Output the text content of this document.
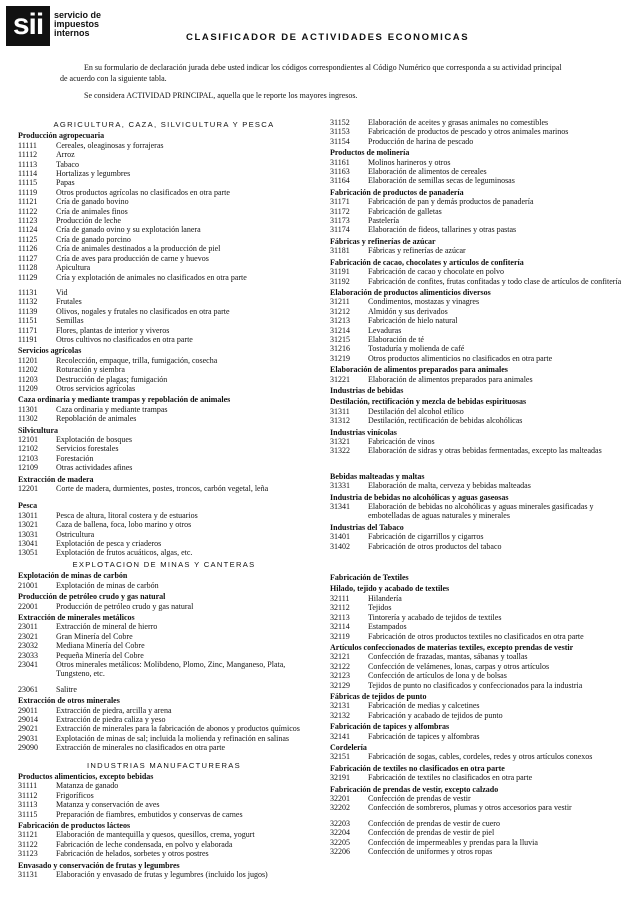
sii	servicio de
impuestos
internos	CLASIFICADOR DE ACTIVIDADES ECONOMICAS

En su formulario de declaración jurada debe usted indicar los códigos correspondientes al Código Numérico que corresponda a su actividad principal de acuerdo con la siguiente tabla.

Se considera ACTIVIDAD PRINCIPAL, aquella que le reporte los mayores ingresos.

AGRICULTURA, CAZA, SILVICULTURA Y PESCA
Producción agropecuaria
11111	Cereales, oleaginosas y forrajeras
11112	Arroz
11113	Tabaco
11114	Hortalizas y legumbres
11115	Papas
11119	Otros productos agrícolas no clasificados en otra parte
11121	Cría de ganado bovino
11122	Cría de animales finos
11123	Producción de leche
11124	Cría de ganado ovino y su explotación lanera
11125	Cría de ganado porcino
11126	Cría de animales destinados a la producción de piel
11127	Cría de aves para producción de carne y huevos
11128	Apicultura
11129	Cría y explotación de animales no clasificados en otra parte
11131	Vid
11132	Frutales
11139	Olivos, nogales y frutales no clasificados en otra parte
11151	Semillas
11171	Flores, plantas de interior y viveros
11191	Otros cultivos no clasificados en otra parte
Servicios agrícolas
11201	Recolección, empaque, trilla, fumigación, cosecha
11202	Roturación y siembra
11203	Destrucción de plagas; fumigación
11209	Otros servicios agrícolas
Caza ordinaria y mediante trampas y repoblación de animales
11301	Caza ordinaria y mediante trampas
11302	Repoblación de animales
Silvicultura
12101	Explotación de bosques
12102	Servicios forestales
12103	Forestación
12109	Otras actividades afines
Extracción de madera
12201	Corte de madera, durmientes, postes, troncos, carbón vegetal, leña
Pesca
13011	Pesca de altura, litoral costera y de estuarios
13021	Caza de ballena, foca, lobo marino y otros
13031	Ostricultura
13041	Explotación de pesca y criaderos
13051	Explotación de frutos acuáticos, algas, etc.
EXPLOTACION DE MINAS Y CANTERAS
Explotación de minas de carbón
21001	Explotación de minas de carbón
Producción de petróleo crudo y gas natural
22001	Producción de petróleo crudo y gas natural
Extracción de minerales metálicos
23011	Extracción de mineral de hierro
23021	Gran Minería del Cobre
23032	Mediana Minería del Cobre
23033	Pequeña Minería del Cobre
23041	Otros minerales metálicos: Molibdeno, Plomo, Zinc, Manganeso, Plata, Tungsteno, etc.
23061	Salitre
Extracción de otros minerales
29011	Extracción de piedra, arcilla y arena
29014	Extracción de piedra caliza y yeso
29021	Extracción de minerales para la fabricación de abonos y productos químicos
29031	Explotación de minas de sal; incluida la molienda y refinación en salinas
29090	Extracción de minerales no clasificados en otra parte
INDUSTRIAS MANUFACTURERAS
Productos alimenticios, excepto bebidas
31111	Matanza de ganado
31112	Frigoríficos
31113	Matanza y conservación de aves
31115	Preparación de fiambres, embutidos y conservas de carnes
Fabricación de productos lácteos
31121	Elaboración de mantequilla y quesos, quesillos, crema, yogurt
31122	Fabricación de leche condensada, en polvo y elaborada
31123	Fabricación de helados, sorbetes y otros postres
Envasado y conservación de frutas y legumbres
31131	Elaboración y envasado de frutas y legumbres (incluido los jugos)
31152	Elaboración de aceites y grasas animales no comestibles
31153	Fabricación de productos de pescado y otros animales marinos
31154	Producción de harina de pescado
Productos de molinería
31161	Molinos harineros y otros
31163	Elaboración de alimentos de cereales
31164	Elaboración de semillas secas de leguminosas
Fabricación de productos de panadería
31171	Fabricación de pan y demás productos de panadería
31172	Fabricación de galletas
31173	Pastelería
31174	Elaboración de fideos, tallarines y otras pastas
Fábricas y refinerías de azúcar
31181	Fábricas y refinerías de azúcar
Fabricación de cacao, chocolates y artículos de confitería
31191	Fabricación de cacao y chocolate en polvo
31192	Fabricación de confites, frutas confitadas y todo clase de artículos de confitería
Elaboración de productos alimenticios diversos
31211	Condimentos, mostazas y vinagres
31212	Almidón y sus derivados
31213	Fabricación de hielo natural
31214	Levaduras
31215	Elaboración de té
31216	Tostaduría y molienda de café
31219	Otros productos alimenticios no clasificados en otra parte
Elaboración de alimentos preparados para animales
31221	Elaboración de alimentos preparados para animales
Industrias de bebidas
Destilación, rectificación y mezcla de bebidas espirituosas
31311	Destilación del alcohol etílico
31312	Destilación, rectificación de bebidas alcohólicas
Industrias vinícolas
31321	Fabricación de vinos
31322	Elaboración de sidras y otras bebidas fermentadas, excepto las malteadas
Bebidas malteadas y maltas
31331	Elaboración de malta, cerveza y bebidas malteadas
Industria de bebidas no alcohólicas y aguas gaseosas
31341	Elaboración de bebidas no alcohólicas y aguas minerales gasificadas y embotelladas de aguas naturales y minerales
Industrias del Tabaco
31401	Fabricación de cigarrillos y cigarros
31402	Fabricación de otros productos del tabaco
Fabricación de Textiles
Hilado, tejido y acabado de textiles
32111	Hilandería
32112	Tejidos
32113	Tintorería y acabado de tejidos de textiles
32114	Estampados
32119	Fabricación de otros productos textiles no clasificados en otra parte
Artículos confeccionados de materias textiles, excepto prendas de vestir
32121	Confección de frazadas, mantas, sábanas y toallas
32122	Confección de velámenes, lonas, carpas y otros artículos
32123	Confección de artículos de lona y de bolsas
32129	Tejidos de punto no clasificados y confeccionados para la industria
Fábricas de tejidos de punto
32131	Fabricación de medias y calcetines
32132	Fabricación y acabado de tejidos de punto
Fabricación de tapices y alfombras
32141	Fabricación de tapices y alfombras
Cordelería
32151	Fabricación de sogas, cables, cordeles, redes y otros artículos conexos
Fabricación de textiles no clasificados en otra parte
32191	Fabricación de textiles no clasificados en otra parte
Fabricación de prendas de vestir, excepto calzado
32201	Confección de prendas de vestir
32202	Confección de sombreros, plumas y otros accesorios para vestir
32203	Confección de prendas de vestir de cuero
32204	Confección de prendas de vestir de piel
32205	Confección de impermeables y prendas para la lluvia
32206	Confección de uniformes y otros ropas
